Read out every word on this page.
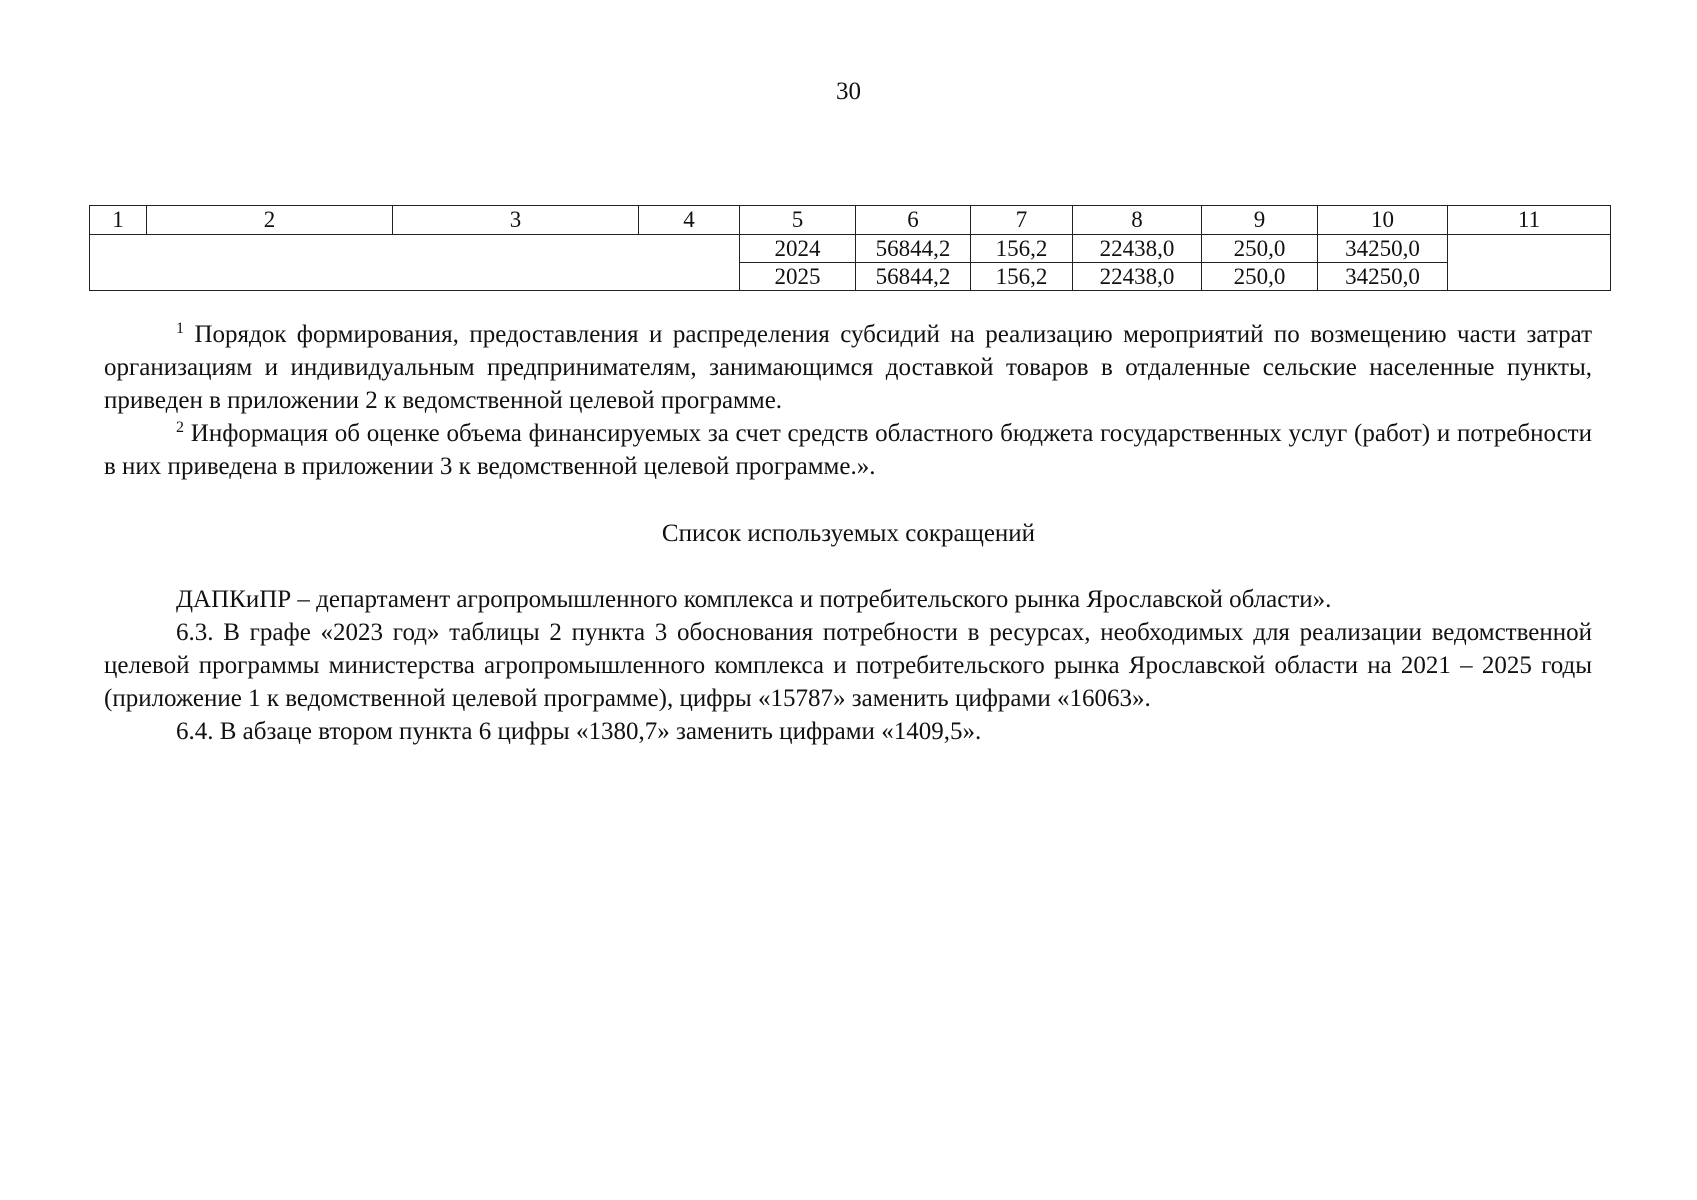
30
1	2	3	4	5	6	7	8	9	10	11
				2024	56844,2	156,2	22438,0	250,0	34250,0	
				2025	56844,2	156,2	22438,0	250,0	34250,0	

$^1$ Порядок формирования, предоставления и распределения субсидий на реализацию мероприятий по возмещению части затрат организациям и индивидуальным предпринимателям, занимающимся доставкой товаров в отдаленные сельские населенные пункты, приведен в приложении 2 к ведомственной целевой программе.

$^2$ Информация об оценке объема финансируемых за счет средств областного бюджета государственных услуг (работ) и потребности в них приведена в приложении 3 к ведомственной целевой программе.».

Список используемых сокращений

ДАПКиПР – департамент агропромышленного комплекса и потребительского рынка Ярославской области».

6.3. В графе «2023 год» таблицы 2 пункта 3 обоснования потребности в ресурсах, необходимых для реализации ведомственной целевой программы министерства агропромышленного комплекса и потребительского рынка Ярославской области на 2021 – 2025 годы (приложение 1 к ведомственной целевой программе), цифры «15787» заменить цифрами «16063».

6.4. В абзаце втором пункта 6 цифры «1380,7» заменить цифрами «1409,5».
